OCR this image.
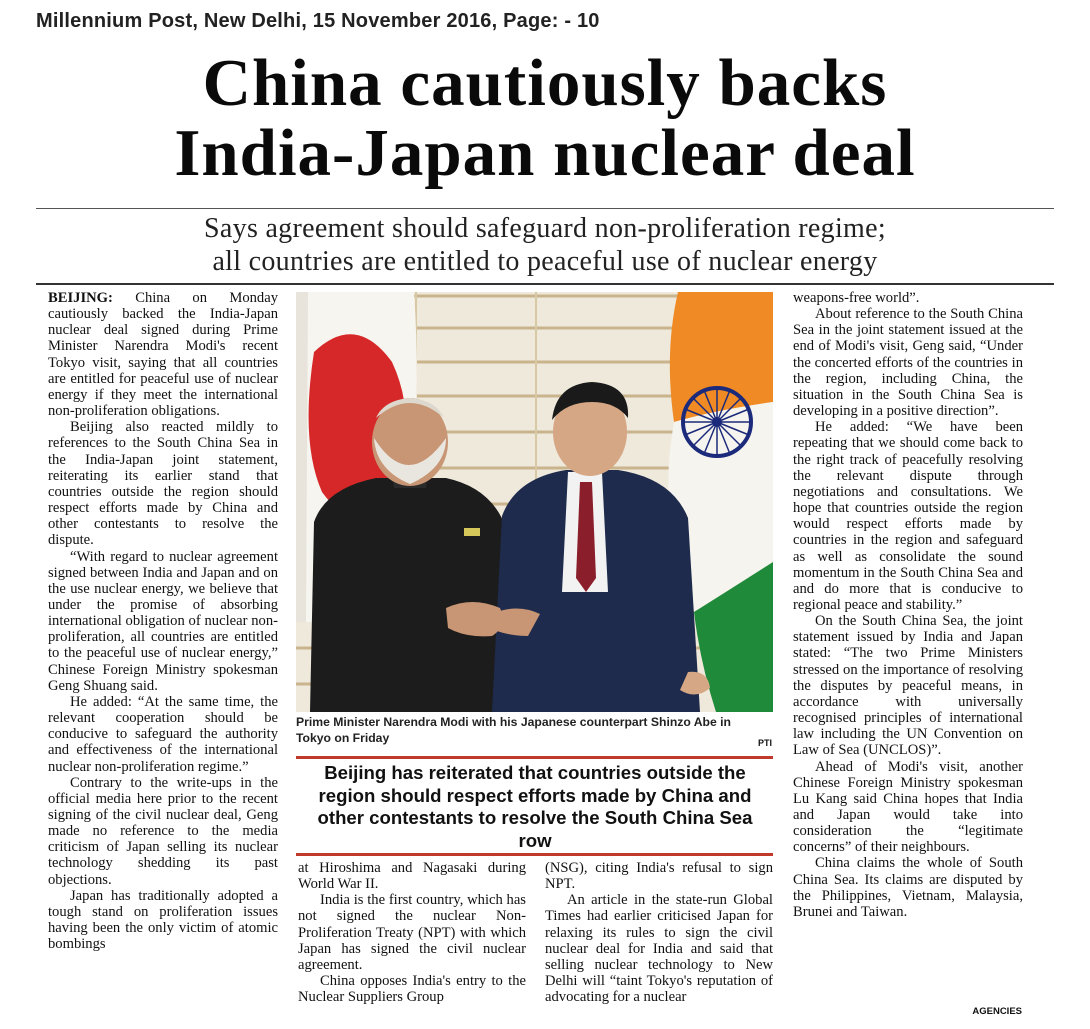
Millennium Post, New Delhi, 15 November 2016, Page: - 10
China cautiously backs
India-Japan nuclear deal
Says agreement should safeguard non-proliferation regime;
all countries are entitled to peaceful use of nuclear energy

BEIJING: China on Monday cautiously backed the India-Japan nuclear deal signed during Prime Minister Narendra Modi's recent Tokyo visit, saying that all countries are entitled for peaceful use of nuclear energy if they meet the international non-proliferation obligations.

Beijing also reacted mildly to references to the South China Sea in the India-Japan joint statement, reiterating its earlier stand that countries outside the region should respect efforts made by China and other contestants to resolve the dispute.

“With regard to nuclear agreement signed between India and Japan and on the use nuclear energy, we believe that under the promise of absorbing international obligation of nuclear non-proliferation, all countries are entitled to the peaceful use of nuclear energy,” Chinese Foreign Ministry spokesman Geng Shuang said.

He added: “At the same time, the relevant cooperation should be conducive to safeguard the authority and effectiveness of the international nuclear non-proliferation regime.”

Contrary to the write-ups in the official media here prior to the recent signing of the civil nuclear deal, Geng made no reference to the media criticism of Japan selling its nuclear technology shedding its past objections.

Japan has traditionally adopted a tough stand on proliferation issues having been the only victim of atomic bombings

Prime Minister Narendra Modi with his Japanese counterpart Shinzo Abe in Tokyo on Friday	PTI
Beijing has reiterated that countries outside the region should respect efforts made by China and other contestants to resolve the South China Sea row

at Hiroshima and Nagasaki during World War II.

India is the first country, which has not signed the nuclear Non-Proliferation Treaty (NPT) with which Japan has signed the civil nuclear agreement.

China opposes India's entry to the Nuclear Suppliers Group

(NSG), citing India's refusal to sign NPT.

An article in the state-run Global Times had earlier criticised Japan for relaxing its rules to sign the civil nuclear deal for India and said that selling nuclear technology to New Delhi will “taint Tokyo's reputation of advocating for a nuclear

weapons-free world”.

About reference to the South China Sea in the joint statement issued at the end of Modi's visit, Geng said, “Under the concerted efforts of the countries in the region, including China, the situation in the South China Sea is developing in a positive direction”.

He added: “We have been repeating that we should come back to the right track of peacefully resolving the relevant dispute through negotiations and consultations. We hope that countries outside the region would respect efforts made by countries in the region and safeguard as well as consolidate the sound momentum in the South China Sea and and do more that is conducive to regional peace and stability.”

On the South China Sea, the joint statement issued by India and Japan stated: “The two Prime Ministers stressed on the importance of resolving the disputes by peaceful means, in accordance with universally recognised principles of international law including the UN Convention on Law of Sea (UNCLOS)”.

Ahead of Modi's visit, another Chinese Foreign Ministry spokesman Lu Kang said China hopes that India and Japan would take into consideration the “legitimate concerns” of their neighbours.

China claims the whole of South China Sea. Its claims are disputed by the Philippines, Vietnam, Malaysia, Brunei and Taiwan.

AGENCIES
